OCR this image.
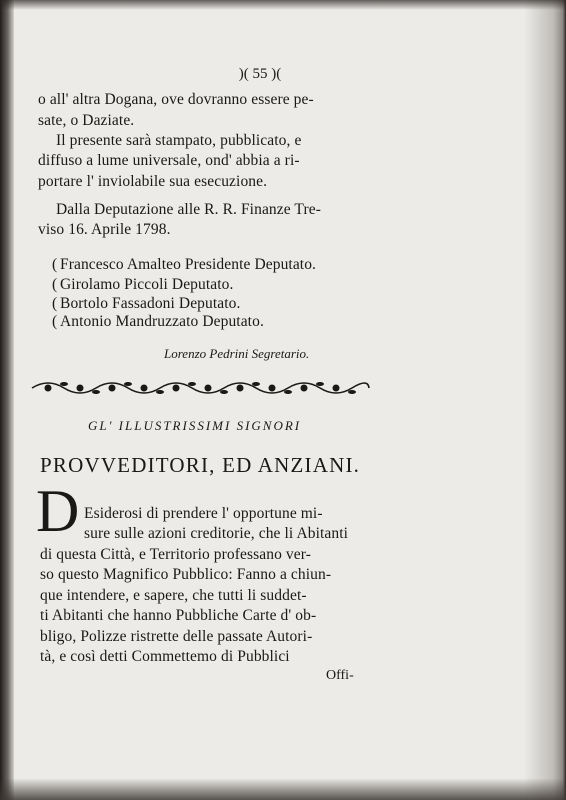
)( 55 )(
o all' altra Dogana, ove dovranno essere pe-
sate, o Daziate.
Il presente sarà stampato, pubblicato, e
diffuso a lume universale, ond' abbia a ri-
portare l' inviolabile sua esecuzione.
Dalla Deputazione alle R. R. Finanze Tre-
viso 16. Aprile 1798.
( Francesco Amalteo Presidente Deputato.
( Girolamo Piccoli Deputato.
( Bortolo Fassadoni Deputato.
( Antonio Mandruzzato Deputato.
Lorenzo Pedrini Segretario.
GL' ILLUSTRISSIMI SIGNORI
PROVVEDITORI, ED ANZIANI.
D Esiderosi di prendere l' opportune mi-
sure sulle azioni creditorie, che li Abitanti
di questa Città, e Territorio professano ver-
so questo Magnifico Pubblico: Fanno a chiun-
que intendere, e sapere, che tutti li suddet-
ti Abitanti che hanno Pubbliche Carte d' ob-
bligo, Polizze ristrette delle passate Autori-
tà, e così detti Commettemo di Pubblici
Offi-
